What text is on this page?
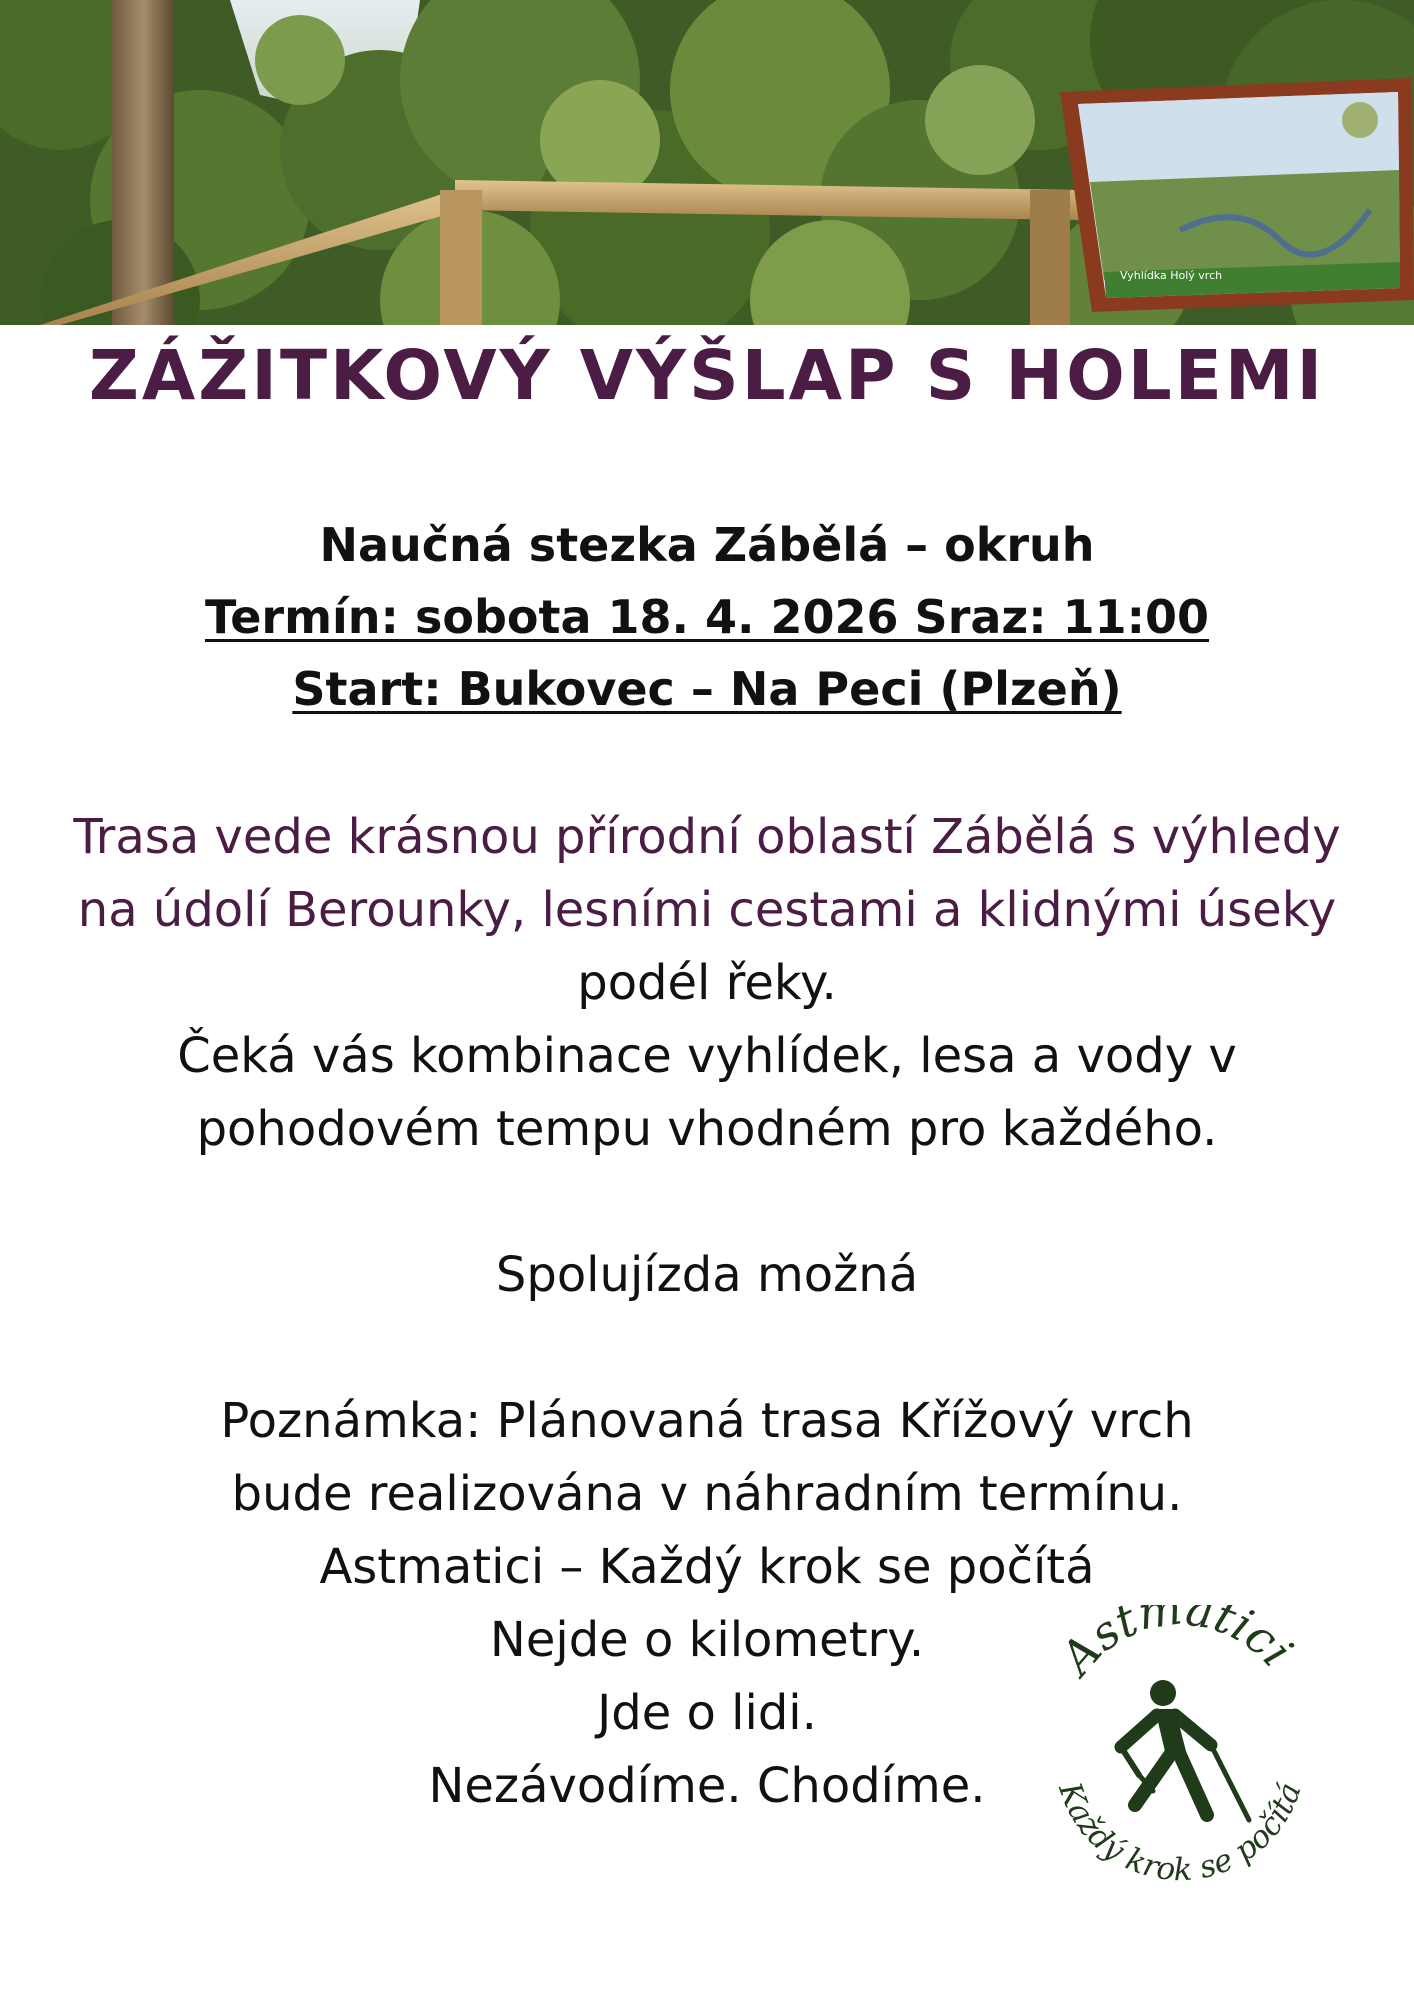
Vyhlídka Holý vrch
ZÁŽITKOVÝ VÝŠLAP S HOLEMI

Naučná stezka Zábělá – okruh

Termín: sobota 18. 4. 2026 Sraz: 11:00

Start: Bukovec – Na Peci (Plzeň)

Trasa vede krásnou přírodní oblastí Zábělá s výhledy

na údolí Berounky, lesními cestami a klidnými úseky

podél řeky.

Čeká vás kombinace vyhlídek, lesa a vody v

pohodovém tempu vhodném pro každého.

Spolujízda možná

Poznámka: Plánovaná trasa Křížový vrch

bude realizována v náhradním termínu.

Astmatici – Každý krok se počítá

Nejde o kilometry.

Jde o lidi.

Nezávodíme. Chodíme.

Astmatici
Každý krok se počítá
